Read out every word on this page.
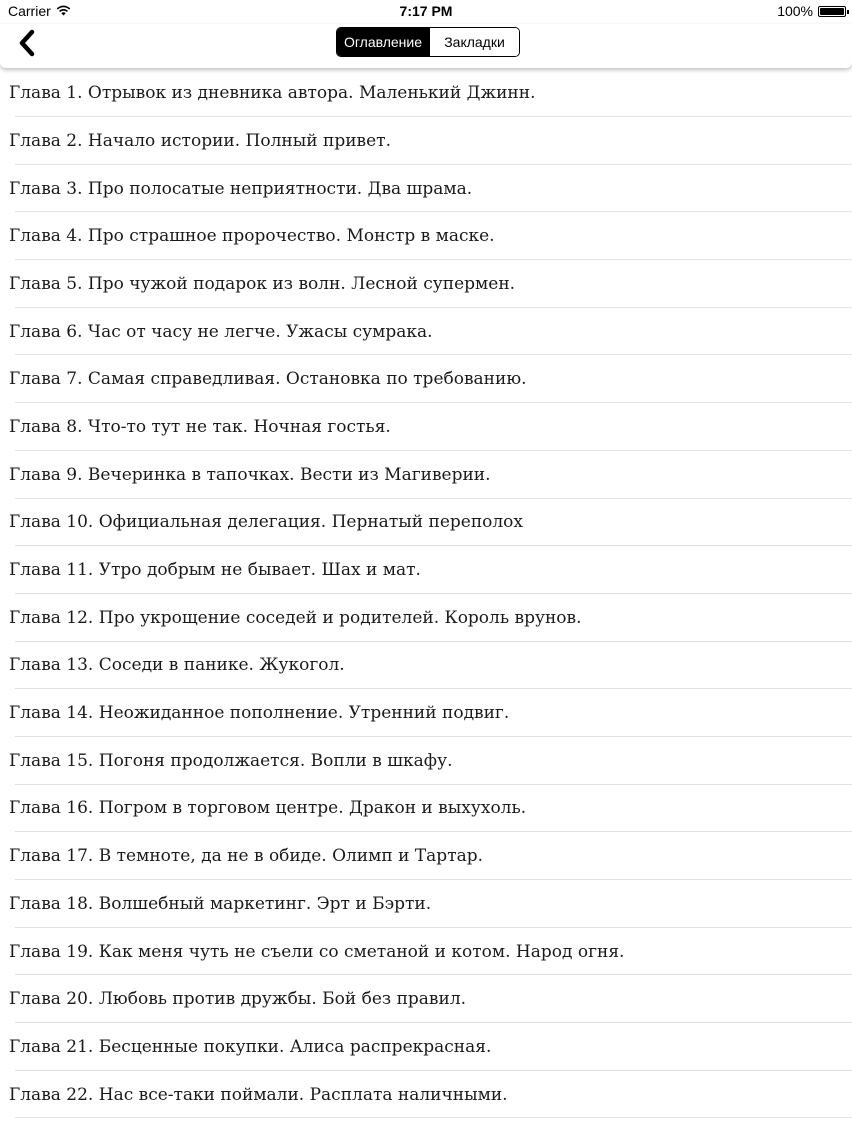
Carrier	7:17 PM	100%
Оглавление	Закладки
Глава 1. Отрывок из дневника автора. Маленький Джинн.
Глава 2. Начало истории. Полный привет.
Глава 3. Про полосатые неприятности. Два шрама.
Глава 4. Про страшное пророчество. Монстр в маске.
Глава 5. Про чужой подарок из волн. Лесной супермен.
Глава 6. Час от часу не легче. Ужасы сумрака.
Глава 7. Самая справедливая. Остановка по требованию.
Глава 8. Что-то тут не так. Ночная гостья.
Глава 9. Вечеринка в тапочках. Вести из Магиверии.
Глава 10. Официальная делегация. Пернатый переполох
Глава 11. Утро добрым не бывает. Шах и мат.
Глава 12. Про укрощение соседей и родителей. Король врунов.
Глава 13. Соседи в панике. Жукогол.
Глава 14. Неожиданное пополнение. Утренний подвиг.
Глава 15. Погоня продолжается. Вопли в шкафу.
Глава 16. Погром в торговом центре. Дракон и выхухоль.
Глава 17. В темноте, да не в обиде. Олимп и Тартар.
Глава 18. Волшебный маркетинг. Эрт и Бэрти.
Глава 19. Как меня чуть не съели со сметаной и котом. Народ огня.
Глава 20. Любовь против дружбы. Бой без правил.
Глава 21. Бесценные покупки. Алиса распрекрасная.
Глава 22. Нас все-таки поймали. Расплата наличными.
